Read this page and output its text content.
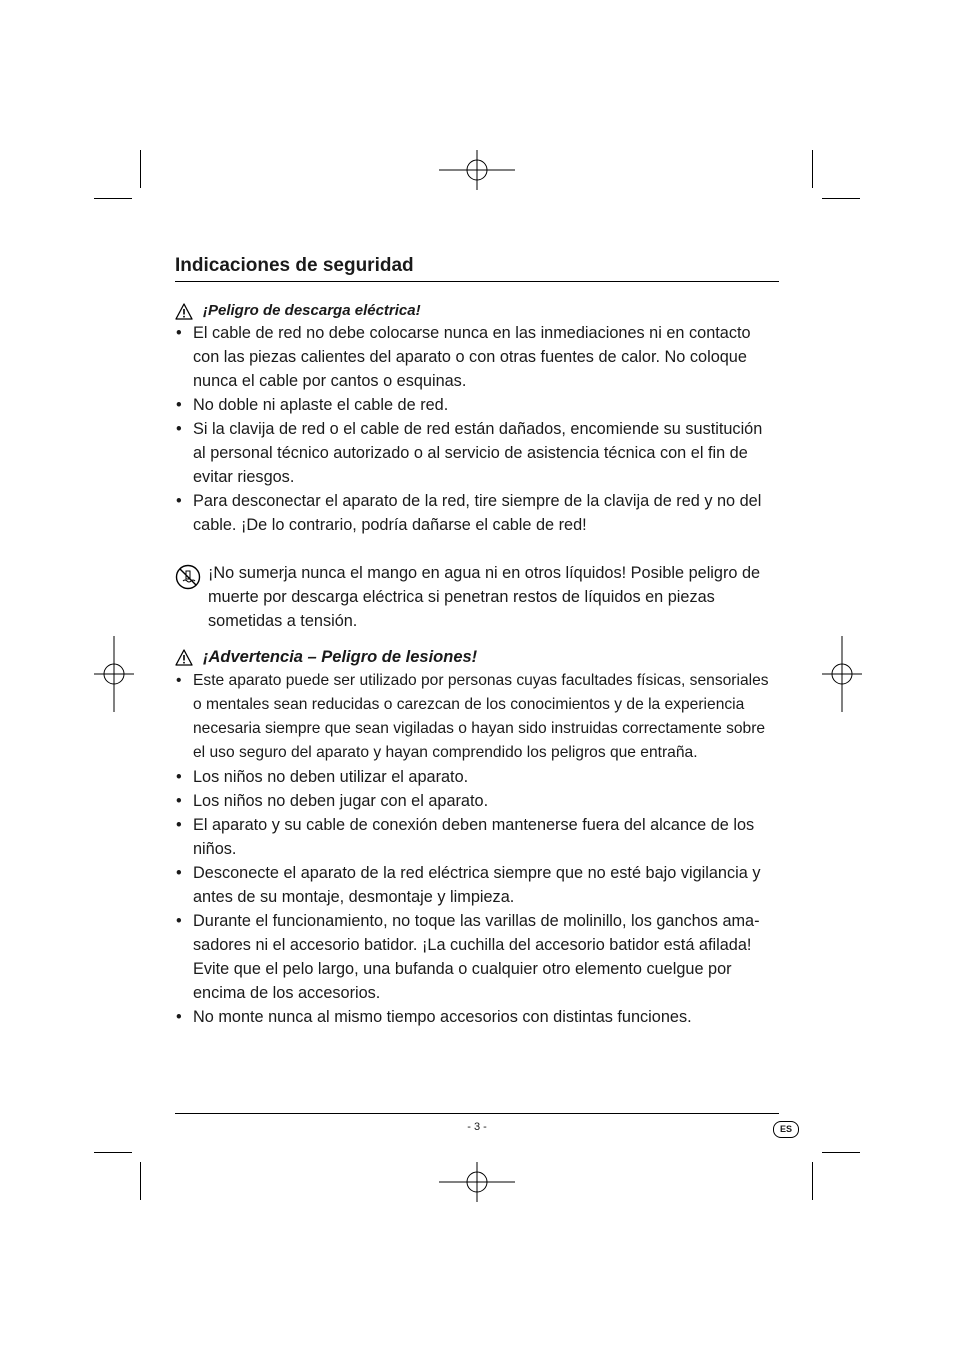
Indicaciones de seguridad
¡Peligro de descarga eléctrica!
• El cable de red no debe colocarse nunca en las inmediaciones ni en contacto con las piezas calientes del aparato o con otras fuentes de calor. No coloque nunca el cable por cantos o esquinas.
• No doble ni aplaste el cable de red.
• Si la clavija de red o el cable de red están dañados, encomiende su sustitución al personal técnico autorizado o al servicio de asistencia técnica con el fin de evitar riesgos.
• Para desconectar el aparato de la red, tire siempre de la clavija de red y no del cable. ¡De lo contrario, podría dañarse el cable de red!

¡No sumerja nunca el mango en agua ni en otros líquidos! Posible peligro de muerte por descarga eléctrica si penetran restos de líquidos en piezas sometidas a tensión.

¡Advertencia – Peligro de lesiones!
• Este aparato puede ser utilizado por personas cuyas facultades físicas, sensoriales o mentales sean reducidas o carezcan de los conocimientos y de la experiencia necesaria siempre que sean vigiladas o hayan sido instruidas correctamente sobre el uso seguro del aparato y hayan comprendido los peligros que entraña.
• Los niños no deben utilizar el aparato.
• Los niños no deben jugar con el aparato.
• El aparato y su cable de conexión deben mantenerse fuera del alcance de los niños.
• Desconecte el aparato de la red eléctrica siempre que no esté bajo vigilancia y antes de su montaje, desmontaje y limpieza.
• Durante el funcionamiento, no toque las varillas de molinillo, los ganchos ama-sadores ni el accesorio batidor. ¡La cuchilla del accesorio batidor está afilada! Evite que el pelo largo, una bufanda o cualquier otro elemento cuelgue por encima de los accesorios.
• No monte nunca al mismo tiempo accesorios con distintas funciones.
- 3 -	ES
